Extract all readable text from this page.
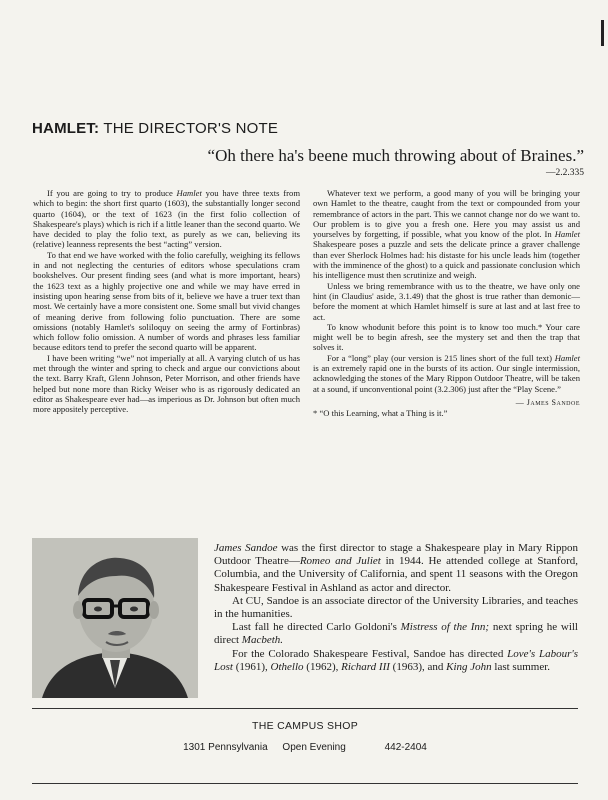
HAMLET: THE DIRECTOR'S NOTE
“Oh there ha's beene much throwing about of Braines.”
—2.2.335

If you are going to try to produce Hamlet you have three texts from which to begin: the short first quarto (1603), the substantially longer second quarto (1604), or the text of 1623 (in the first folio collection of Shakespeare's plays) which is rich if a little leaner than the second quarto. We have decided to play the folio text, as purely as we can, believing its (relative) leanness represents the best “acting” version.

To that end we have worked with the folio carefully, weighing its fellows in and not neglecting the centuries of editors whose speculations cram bookshelves. Our present finding sees (and what is more important, hears) the 1623 text as a highly projective one and while we may have erred in insisting upon hearing sense from bits of it, believe we have a truer text than most. We certainly have a more consistent one. Some small but vivid changes of meaning derive from following folio punctuation. There are some omissions (notably Hamlet's soliloquy on seeing the army of Fortinbras) which follow folio omission. A number of words and phrases less familiar because editors tend to prefer the second quarto will be apparent.

I have been writing “we” not imperially at all. A varying clutch of us has met through the winter and spring to check and argue our convictions about the text. Barry Kraft, Glenn Johnson, Peter Morrison, and other friends have helped but none more than Ricky Weiser who is as rigorously dedicated an editor as Shakespeare ever had—as imperious as Dr. Johnson but often much more appositely perceptive.

Whatever text we perform, a good many of you will be bringing your own Hamlet to the theatre, caught from the text or compounded from your remembrance of actors in the part. This we cannot change nor do we want to. Our problem is to give you a fresh one. Here you may assist us and yourselves by forgetting, if possible, what you know of the plot. In Hamlet Shakespeare poses a puzzle and sets the delicate prince a graver challenge than ever Sherlock Holmes had: his distaste for his uncle leads him (together with the imminence of the ghost) to a quick and passionate conclusion which his intelligence must then scrutinize and weigh.

Unless we bring remembrance with us to the theatre, we have only one hint (in Claudius' aside, 3.1.49) that the ghost is true rather than demonic—before the moment at which Hamlet himself is sure at last and at last free to act.

To know whodunit before this point is to know too much.* Your care might well be to begin afresh, see the mystery set and then the trap that solves it.

For a “long” play (our version is 215 lines short of the full text) Hamlet is an extremely rapid one in the bursts of its action. Our single intermission, acknowledging the stones of the Mary Rippon Outdoor Theatre, will be taken at a sound, if unconventional point (3.2.306) just after the “Play Scene.”

— James Sandoe

* “O this Learning, what a Thing is it.”

James Sandoe was the first director to stage a Shakespeare play in Mary Rippon Outdoor Theatre—Romeo and Juliet in 1944. He attended college at Stanford, Columbia, and the University of California, and spent 11 seasons with the Oregon Shakespeare Festival in Ashland as actor and director.

At CU, Sandoe is an associate director of the University Libraries, and teaches in the humanities.

Last fall he directed Carlo Goldoni's Mistress of the Inn; next spring he will direct Macbeth.

For the Colorado Shakespeare Festival, Sandoe has directed Love's Labour's Lost (1961), Othello (1962), Richard III (1963), and King John last summer.

THE CAMPUS SHOP
1301 Pennsylvania Open Evening	442-2404
